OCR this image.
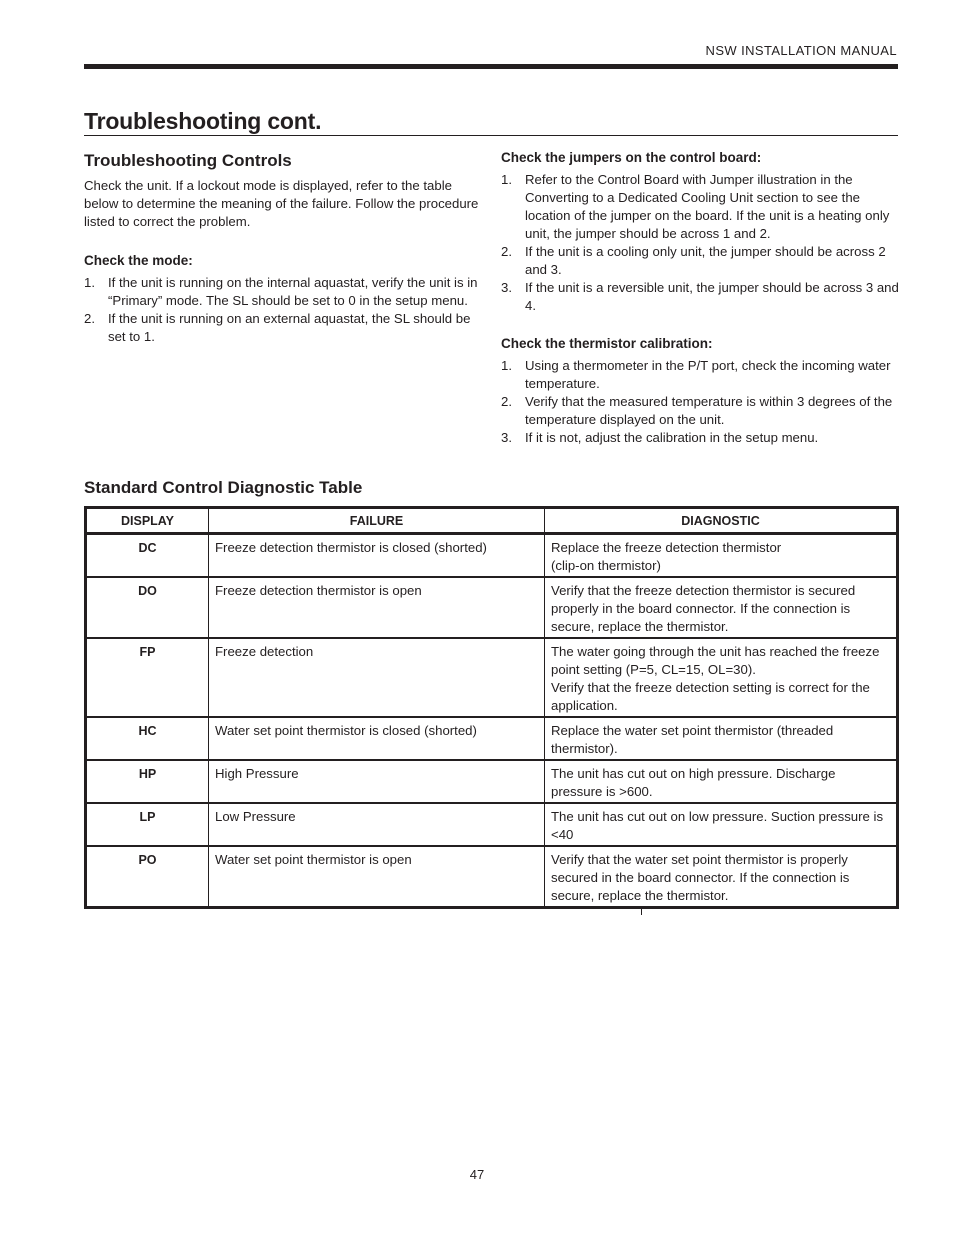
NSW INSTALLATION MANUAL
Troubleshooting cont.
Troubleshooting Controls

Check the unit. If a lockout mode is displayed, refer to the table below to determine the meaning of the failure. Follow the procedure listed to correct the problem.

Check the mode:
1. If the unit is running on the internal aquastat, verify the unit is in “Primary” mode. The SL should be set to 0 in the setup menu.
2. If the unit is running on an external aquastat, the SL should be set to 1.
Check the jumpers on the control board:
1. Refer to the Control Board with Jumper illustration in the Converting to a Dedicated Cooling Unit section to see the location of the jumper on the board. If the unit is a heating only unit, the jumper should be across 1 and 2.
2. If the unit is a cooling only unit, the jumper should be across 2 and 3.
3. If the unit is a reversible unit, the jumper should be across 3 and 4.
Check the thermistor calibration:
1. Using a thermometer in the P/T port, check the incoming water temperature.
2. Verify that the measured temperature is within 3 degrees of the temperature displayed on the unit.
3. If it is not, adjust the calibration in the setup menu.
Standard Control Diagnostic Table
DISPLAY	FAILURE	DIAGNOSTIC
DC	Freeze detection thermistor is closed (shorted)	Replace the freeze detection thermistor
(clip-on thermistor)

DO	Freeze detection thermistor is open	Verify that the freeze detection thermistor is secured properly in the board connector. If the connection is secure, replace the thermistor.

FP	Freeze detection	The water going through the unit has reached the freeze point setting (P=5, CL=15, OL=30).
Verify that the freeze detection setting is correct for the application.

HC	Water set point thermistor is closed (shorted)	Replace the water set point thermistor (threaded thermistor).

HP	High Pressure	The unit has cut out on high pressure. Discharge pressure is >600.

LP	Low Pressure	The unit has cut out on low pressure. Suction pressure is <40

PO	Water set point thermistor is open	Verify that the water set point thermistor is properly secured in the board connector. If the connection is secure, replace the thermistor.
47
